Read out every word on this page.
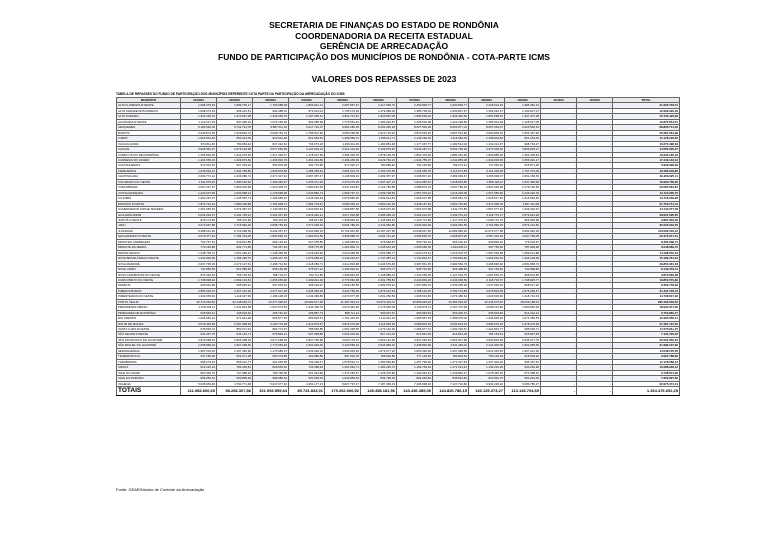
SECRETARIA DE FINANÇAS DO ESTADO DE RONDÔNIA
COORDENADORIA DA RECEITA ESTADUAL
GERÊNCIA DE ARRECADAÇÃO
FUNDO DE PARTICIPAÇÃO DOS MUNICÍPIOS DE RONDÔNIA - COTA-PARTE ICMS
VALORES DOS REPASSES DE 2023
TABELA DE REPASSES DO FUNDO DE PARTICIPAÇÃO DOS MUNICÍPIOS REFERENTE COTA PARTE DA PARTICIPAÇÃO DA ARRECADAÇÃO DO ICMS
MUNICÍPIO	01/2023	02/2023	03/2023	04/2023	05/2023	06/2023	07/2023	08/2023	09/2023	10/2023	11/2023	12/2023	TOTAL
ALTA FLORESTA D'OESTE	1.698.479,93	1.689.736,17	1.790.588,08	1.863.921,21	2.087.867,67	2.417.696,76	2.450.835,77	2.450.809,77	2.428.624,26	1.986.482,13	-	-	21.600.729,51
ALTO ALEGRE DOS PARECIS	1.098.274,53	936.221,61	992.388,10	872.613,01	1.735.176,48	1.479.489,06	1.385.735,03	1.600.867,67	1.394.042,47	1.100.627,07	-	-	12.296.392,46
ALTO PARAISO	1.421.293,70	1.270.667,08	1.345.055,79	1.197.065,41	2.361.707,81	1.920.897,06	1.895.069,02	1.909.462,66	1.851.698,87	1.497.307,28	-	-	15.730.426,38
ALVORADA D'OESTE	1.113.227,03	997.095,19	1.074.169,28	952.385,99	1.775.652,46	1.480.240,87	1.428.520,98	1.422.228,89	1.353.501,09	1.128.017,05	-	-	12.872.654,01
ARIQUEMES	6.189.530,06	5.732.744,78	5.887.311,18	5.217.742,07	9.991.180,25	8.292.346,18	8.527.506,90	8.063.877,01	8.057.654,07	6.223.566,54	-	-	68.835.714,46
BURITIS	2.249.872,69	1.929.846,74	2.008.753,73	1.789.607,62	3.665.295,08	2.913.734,24	2.876.663,25	2.867.912,84	2.603.805,20	2.353.457,35	-	-	25.281.564,99
CABIXI	1.062.501,48	850.413,09	913.612,29	821.663,53	1.489.559,74	1.258.211,71	1.143.196,00	1.116.960,06	1.108.904,83	961.154,06	-	-	11.178.126,00
CACAULANDIA	874.811,30	780.052,42	827.222,62	736.673,26	1.466.311,09	1.183.881,48	1.177.467,77	1.182.512,02	1.132.221,07	908.734,27	-	-	10.270.498,18
CACOAL	3.926.542,97	3.379.149,68	3.677.066,39	3.121.633,24	6.321.210,49	5.169.979,45	5.032.287,71	5.052.769,93	4.973.006,52	3.869.005,17	-	-	44.585.335,07
CAMPO NOVO DE RONDÔNIA	1.459.592,05	1.222.275,25	1.317.449,47	1.178.027,56	2.356.329,78	1.878.169,79	1.852.479,69	1.880.464,30	1.809.885,30	1.461.409,64	-	-	16.222.190,43
CANDEIAS DO JAMARI	1.464.556,03	1.329.976,82	1.406.819,79	1.254.334,89	2.496.456,39	2.029.762,23	1.944.755,97	2.011.855,08	1.949.606,65	1.556.010,17	-	-	17.443.142,12
CASTANHEIRAS	613.531,52	527.334,02	556.903,38	491.776,85	971.520,27	780.989,40	764.220,89	769.272,44	747.649,26	615.871,99	-	-	6.929.096,09
CEREJEIRAS	1.649.523,12	1.302.789,86	1.509.878,86	1.284.265,62	2.681.021,79	2.150.470,65	2.164.055,78	2.113.674,85	2.114.425,08	1.707.374,09	-	-	18.486.048,80
CHUPINGUAIA	2.603.772,12	2.236.986,74	2.371.927,61	2.087.087,47	4.138.509,49	3.382.357,97	3.338.807,26	3.384.809,67	3.258.608,37	2.601.158,53	-	-	29.203.025,11
COLORADO DO OESTE	1.611.079,46	1.380.146,62	1.469.465,97	1.256.471,26	2.470.270,39	1.937.427,13	1.912.065,61	1.918.953,80	1.858.118,12	1.537.496,08	-	-	16.904.738,06
CORUMBIARA	2.097.247,67	1.852.925,99	1.910.305,73	1.680.631,53	3.347.244,81	2.724.782,89	2.688.870,19	2.697.789,20	2.824.948,98	2.179.150,50	-	-	23.084.564,81
COSTA MARQUES	1.223.037,95	1.093.998,14	1.179.668,99	1.043.882,74	1.969.797,72	1.639.728,66	1.557.003,22	1.616.293,05	1.537.659,90	1.249.226,19	-	-	14.110.296,76
CUJUBIM	1.302.297,07	1.135.087,71	1.186.955,42	1.045.329,29	2.079.686,96	1.692.512,53	1.669.207,98	1.666.951,79	1.618.617,93	1.316.592,60	-	-	14.713.239,28
ESPIGÃO D'OESTE	1.874.712,24	1.680.228,68	1.764.906,27	1.584.734,67	3.099.352,24	2.550.140,33	2.428.157,36	2.502.762,50	2.371.608,78	1.897.112,05	-	-	21.753.714,12
GOVERNADOR JORGE TEIXEIRA	1.251.666,63	1.079.487,07	1.140.933,51	1.003.815,64	1.999.857,58	1.626.679,36	1.603.572,98	1.611.270,80	1.567.677,94	1.269.402,97	-	-	14.140.277,48
GUAJARÁ-MIRIM	2.632.019,37	2.191.735,21	2.324.337,93	2.019.440,21	4.017.622,58	3.285.080,01	3.262.212,15	3.193.751,13	3.115.775,17	2.579.621,29	-	-	28.621.595,05
ITAPOÃ D'OESTE	878.173,59	755.370,59	796.376,36	708.047,55	1.398.866,32	1.135.683,64	1.122.707,80	1.127.375,61	1.098.772,75	866.948,98	-	-	9.887.333,39
JARU	3.073.067,88	2.715.982,06	2.898.756,69	2.571.536,94	5.004.786,15	4.132.582,80	3.932.929,69	3.994.960,59	3.764.896,25	2.876.143,82	-	-	35.000.642,05
JI-PARANÁ	9.488.261,92	8.723.298,56	9.209.357,67	8.403.896,25	15.703.961,56	13.187.227,58	13.638.947,96	12.884.880,25	12.670.277,98	9.681.992,39	-	-	113.592.102,12
MACHADINHO D'OESTE	2.073.377,49	1.784.764,00	1.896.836,73	1.683.501,56	3.356.888,76	2.694.742,22	2.658.835,76	2.668.807,25	2.557.422,69	2.097.795,05	-	-	23.472.971,51
MINISTRO ANDREAZZA	702.767,64	649.821,80	684.129,94	607.978,80	1.196.683,81	975.948,87	963.762,16	966.100,32	939.800,42	776.003,97	-	-	8.462.998,73
MIRANTE DA SERRA	773.129,86	694.771,82	734.367,94	658.775,65	1.291.800,72	1.045.542,29	1.030.665,05	1.034.000,11	997.735,60	787.900,66	-	-	9.048.689,70
MONTE NEGRO	1.248.735,72	1.091.266,41	1.138.460,99	1.019.049,64	2.010.458,99	1.564.680,77	1.626.279,51	1.613.003,75	1.597.094,68	1.289.221,88	-	-	14.198.252,34
NOVA BRASILÂNDIA D'OESTE	1.343.600,56	1.186.495,76	1.256.427,78	1.079.058,23	2.143.291,67	1.747.487,13	1.732.824,67	1.730.833,82	1.663.632,03	1.306.109,99	-	-	15.189.761,64
NOVA MAMORÉ	2.637.705,09	2.273.127,61	2.408.731,52	2.118.084,71	4.212.823,98	3.436.679,48	3.387.861,35	3.384.569,79	3.308.848,92	2.681.868,73	-	-	29.850.301,18
NOVA UNIÃO	722.550,56	621.685,50	658.169,38	575.917,12	1.150.622,91	936.473,77	925.716,90	926.398,66	901.745,81	730.098,80	-	-	8.149.379,41
NOVO HORIZONTE DO OESTE	876.349,63	755.730,54	788.733,37	702.711,82	1.390.843,48	1.138.886,01	1.123.255,06	1.127.619,76	1.097.553,76	868.976,95	-	-	9.870.660,38
OURO PRETO DO OESTE	1.738.838,92	1.599.133,54	1.695.053,90	1.499.021,36	2.773.662,98	2.261.785,84	2.220.863,36	2.234.668,59	2.118.716,57	1.708.825,77	-	-	19.850.570,82
PARECIS	628.044,08	555.825,61	597.603,44	499.219,07	1.009.182,56	1.082.578,42	1.067.850,03	1.056.295,39	1.037.563,02	828.617,30	-	-	8.362.778,92
PIMENTA BUENO	2.556.325,31	2.327.142,32	2.477.917,28	2.205.384,18	4.222.783,35	3.479.212,63	3.788.120,30	3.750.713,89	3.678.834,09	2.975.296,67	-	-	31.461.729,72
PIMENTEIRAS DO OESTE	1.332.605,49	1.119.327,99	1.186.108,23	1.043.499,86	2.074.577,05	1.691.256,56	1.668.513,83	1.674.486,62	1.629.529,66	1.318.712,03	-	-	14.738.617,32
PORTO VELHO	25.719.064,84	22.138.993,72	23.377.098,52	20.982.617,96	41.397.919,14	33.970.433,72	33.909.949,40	33.383.094,26	32.246.676,52	28.036.198,44	-	-	295.162.046,52
PRESIDENTE MÉDICI	1.678.429,11	1.441.844,68	1.527.573,53	1.344.466,76	2.672.442,90	2.176.565,09	2.146.876,11	2.157.707,28	2.098.212,96	1.690.852,93	-	-	18.934.971,35
PRIMAVERA DE RONDÔNIA	518.546,61	436.523,92	465.762,16	409.857,73	808.711,14	660.037,97	650.993,53	653.300,37	635.904,83	514.222,21	-	-	5.753.860,47
RIO CRESPO	1.096.066,24	971.541,08	996.877,93	883.826,57	1.751.420,45	1.412.911,16	1.396.857,18	1.389.679,06	1.334.825,94	1.071.350,53	-	-	12.305.356,14
ROLIM DE MOURA	2.576.425,56	2.287.098,92	2.130.776,28	1.914.879,57	3.815.276,08	3.114.593,26	3.086.801,25	3.092.813,23	2.985.076,22	2.478.076,93	-	-	27.481.797,30
SANTA LUZIA D'OESTE	978.593,70	852.071,91	892.774,97	785.565,85	1.561.295,55	1.273.162,30	1.255.977,72	1.260.794,67	1.224.844,77	985.529,71	-	-	11.070.611,15
SÃO FELIPE D'OESTE	632.437,76	544.143,71	576.894,21	507.398,89	1.002.634,96	827.414,03	813.831,60	816.843,08	784.154,51	625.967,65	-	-	7.131.720,40
SÃO FRANCISCO DO GUAPORÉ	2.079.058,33	1.866.288,34	2.077.298,18	1.827.765,86	3.630.770,07	2.962.161,26	2.937.362,53	2.953.447,95	2.940.819,96	2.336.077,75	-	-	25.591.050,23
SÃO MIGUEL DO GUAPORÉ	1.938.899,04	1.667.298,60	1.770.669,48	1.562.049,06	3.100.556,34	2.534.896,10	2.498.893,59	2.511.283,04	2.441.906,05	1.962.685,99	-	-	21.989.137,30
SERINGUEIRAS	1.287.515,49	1.107.460,90	1.175.985,37	1.032.626,32	2.052.963,92	1.673.677,20	1.650.466,66	1.657.395,58	1.612.315,55	1.307.621,96	-	-	14.548.155,55
TEIXEIRÓPOLIS	637.195,38	523.071,28	563.075,85	493.980,89	967.502,78	789.526,86	777.163,50	780.823,64	760.129,29	615.518,92	-	-	6.907.788,39
THEOBROMA	968.279,93	865.101,77	901.035,55	793.429,47	1.578.632,71	1.280.566,82	1.267.790,90	1.272.427,63	1.237.903,26	996.407,64	-	-	11.178.568,13
URUPÁ	912.220,24	782.405,81	829.653,52	733.398,64	1.451.062,71	1.181.294,72	1.164.763,63	1.171.613,61	1.132.233,29	930.292,96	-	-	10.288.939,13
VALE DO ANARI	862.349,76	737.088,22	783.756,05	691.344,69	1.374.269,57	1.125.476,86	1.104.991,61	1.109.862,47	1.078.446,30	871.088,51	-	-	9.738.674,90
VALE DO PARAÍSO	656.259,15	560.895,39	589.686,34	520.348,15	1.033.883,49	844.728,36	834.049,83	836.842,84	813.991,75	660.242,06	-	-	7.350.927,56
VILHENA	5.045.953,48	4.760.771,68	5.047.077,32	4.451.177,13	8.827.797,47	7.187.469,33	7.206.538,23	7.127.702,66	6.934.236,22	5.686.786,37	-	-	62.975.374,41
TOTAIS	111.983.606,69	98.268.307,86	101.993.559,64	89.741.833,01	179.262.006,52	145.458.181,56	143.436.389,06	144.820.786,15	140.125.373,27	113.133.704,65	-	-	1.264.476.652,25
Fonte: GEAR/Núcleo de Controle da Arrecadação
